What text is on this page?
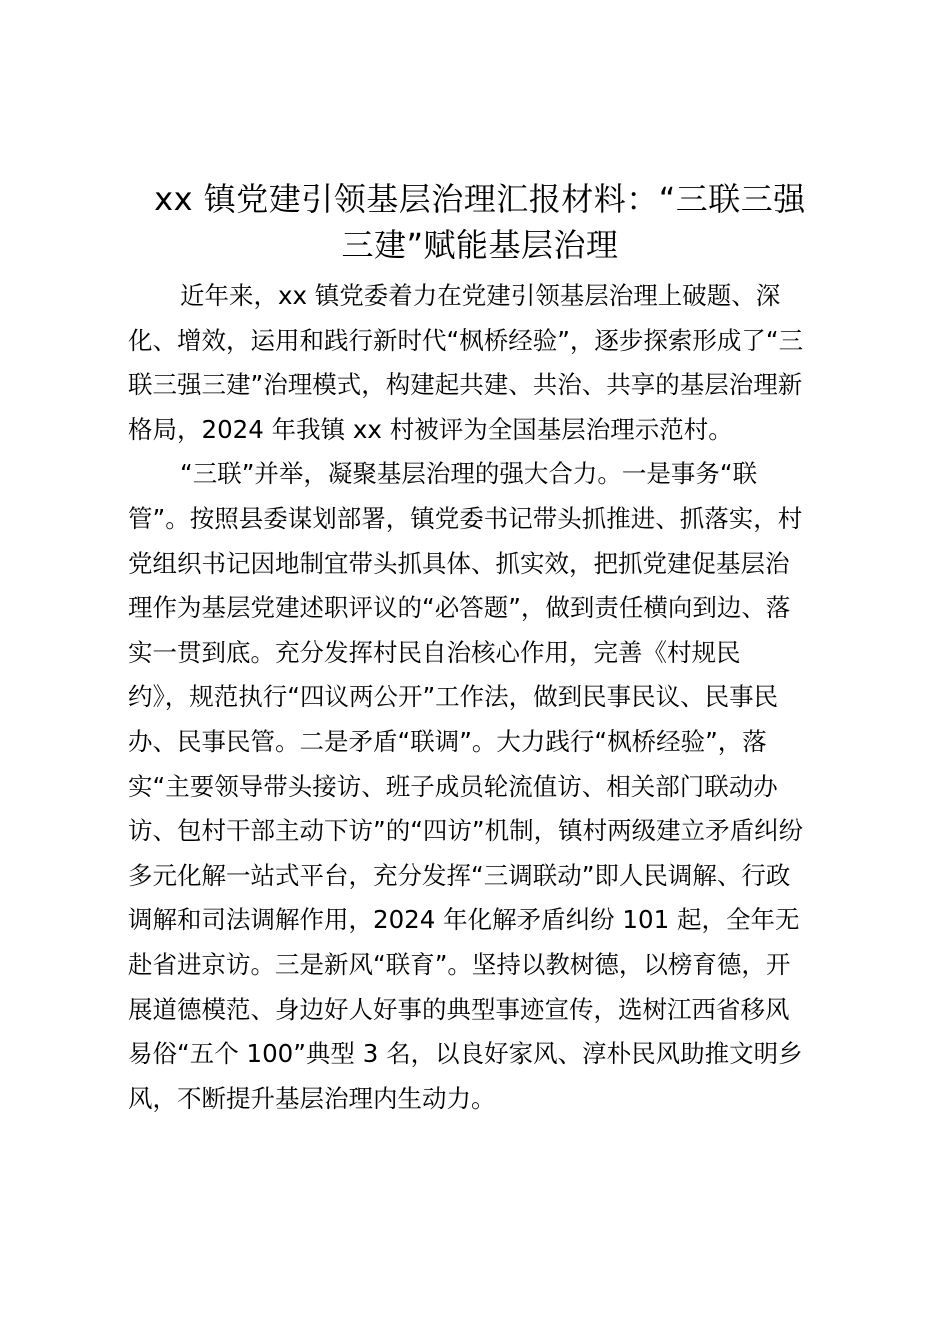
xx 镇党建引领基层治理汇报材料：“三联三强
三建”赋能基层治理

近年来，xx 镇党委着力在党建引领基层治理上破题、深
化、增效，运用和践行新时代“枫桥经验”，逐步探索形成了“三
联三强三建”治理模式，构建起共建、共治、共享的基层治理新
格局，2024 年我镇 xx 村被评为全国基层治理示范村。

“三联”并举，凝聚基层治理的强大合力。一是事务“联
管”。按照县委谋划部署，镇党委书记带头抓推进、抓落实，村
党组织书记因地制宜带头抓具体、抓实效，把抓党建促基层治
理作为基层党建述职评议的“必答题”，做到责任横向到边、落
实一贯到底。充分发挥村民自治核心作用，完善《村规民
约》，规范执行“四议两公开”工作法，做到民事民议、民事民
办、民事民管。二是矛盾“联调”。大力践行“枫桥经验”，落
实“主要领导带头接访、班子成员轮流值访、相关部门联动办
访、包村干部主动下访”的“四访”机制，镇村两级建立矛盾纠纷
多元化解一站式平台，充分发挥“三调联动”即人民调解、行政
调解和司法调解作用，2024 年化解矛盾纠纷 101 起，全年无
赴省进京访。三是新风“联育”。坚持以教树德，以榜育德，开
展道德模范、身边好人好事的典型事迹宣传，选树江西省移风
易俗“五个 100”典型 3 名，以良好家风、淳朴民风助推文明乡
风，不断提升基层治理内生动力。
